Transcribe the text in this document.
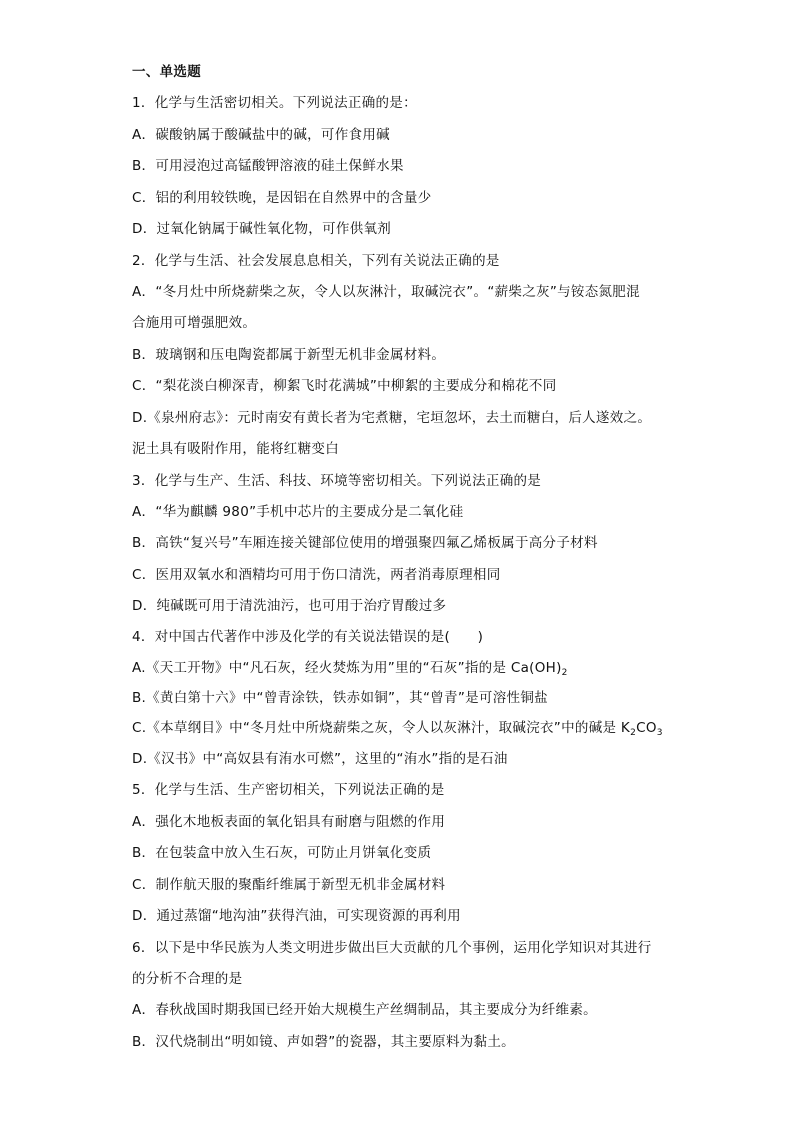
一、单选题
1．化学与生活密切相关。下列说法正确的是：
A．碳酸钠属于酸碱盐中的碱，可作食用碱
B．可用浸泡过高锰酸钾溶液的硅土保鲜水果
C．铝的利用较铁晚，是因铝在自然界中的含量少
D．过氧化钠属于碱性氧化物，可作供氧剂
2．化学与生活、社会发展息息相关，下列有关说法正确的是
A．“冬月灶中所烧薪柴之灰，令人以灰淋汁，取碱浣衣”。“薪柴之灰”与铵态氮肥混
合施用可增强肥效。
B．玻璃钢和压电陶瓷都属于新型无机非金属材料。
C．“梨花淡白柳深青，柳絮飞时花满城”中柳絮的主要成分和棉花不同
D.《泉州府志》：元时南安有黄长者为宅煮糖，宅垣忽坏，去土而糖白，后人遂效之。
泥土具有吸附作用，能将红糖变白
3．化学与生产、生活、科技、环境等密切相关。下列说法正确的是
A．“华为麒麟 980”手机中芯片的主要成分是二氧化硅
B．高铁“复兴号”车厢连接关键部位使用的增强聚四氟乙烯板属于高分子材料
C．医用双氧水和酒精均可用于伤口清洗，两者消毒原理相同
D．纯碱既可用于清洗油污，也可用于治疗胃酸过多
4．对中国古代著作中涉及化学的有关说法错误的是(　　)
A.《天工开物》中“凡石灰，经火焚炼为用”里的“石灰”指的是 $Ca(OH)_2$
B.《黄白第十六》中“曾青涂铁，铁赤如铜”，其“曾青”是可溶性铜盐
C.《本草纲目》中“冬月灶中所烧薪柴之灰，令人以灰淋汁，取碱浣衣”中的碱是 $K_2CO_3$
D.《汉书》中“高奴县有洧水可燃”，这里的“洧水”指的是石油
5．化学与生活、生产密切相关，下列说法正确的是
A．强化木地板表面的氧化铝具有耐磨与阻燃的作用
B．在包装盒中放入生石灰，可防止月饼氧化变质
C．制作航天服的聚酯纤维属于新型无机非金属材料
D．通过蒸馏“地沟油”获得汽油，可实现资源的再利用
6．以下是中华民族为人类文明进步做出巨大贡献的几个事例，运用化学知识对其进行
的分析不合理的是
A．春秋战国时期我国已经开始大规模生产丝绸制品，其主要成分为纤维素。
B．汉代烧制出“明如镜、声如磬”的瓷器，其主要原料为黏土。
